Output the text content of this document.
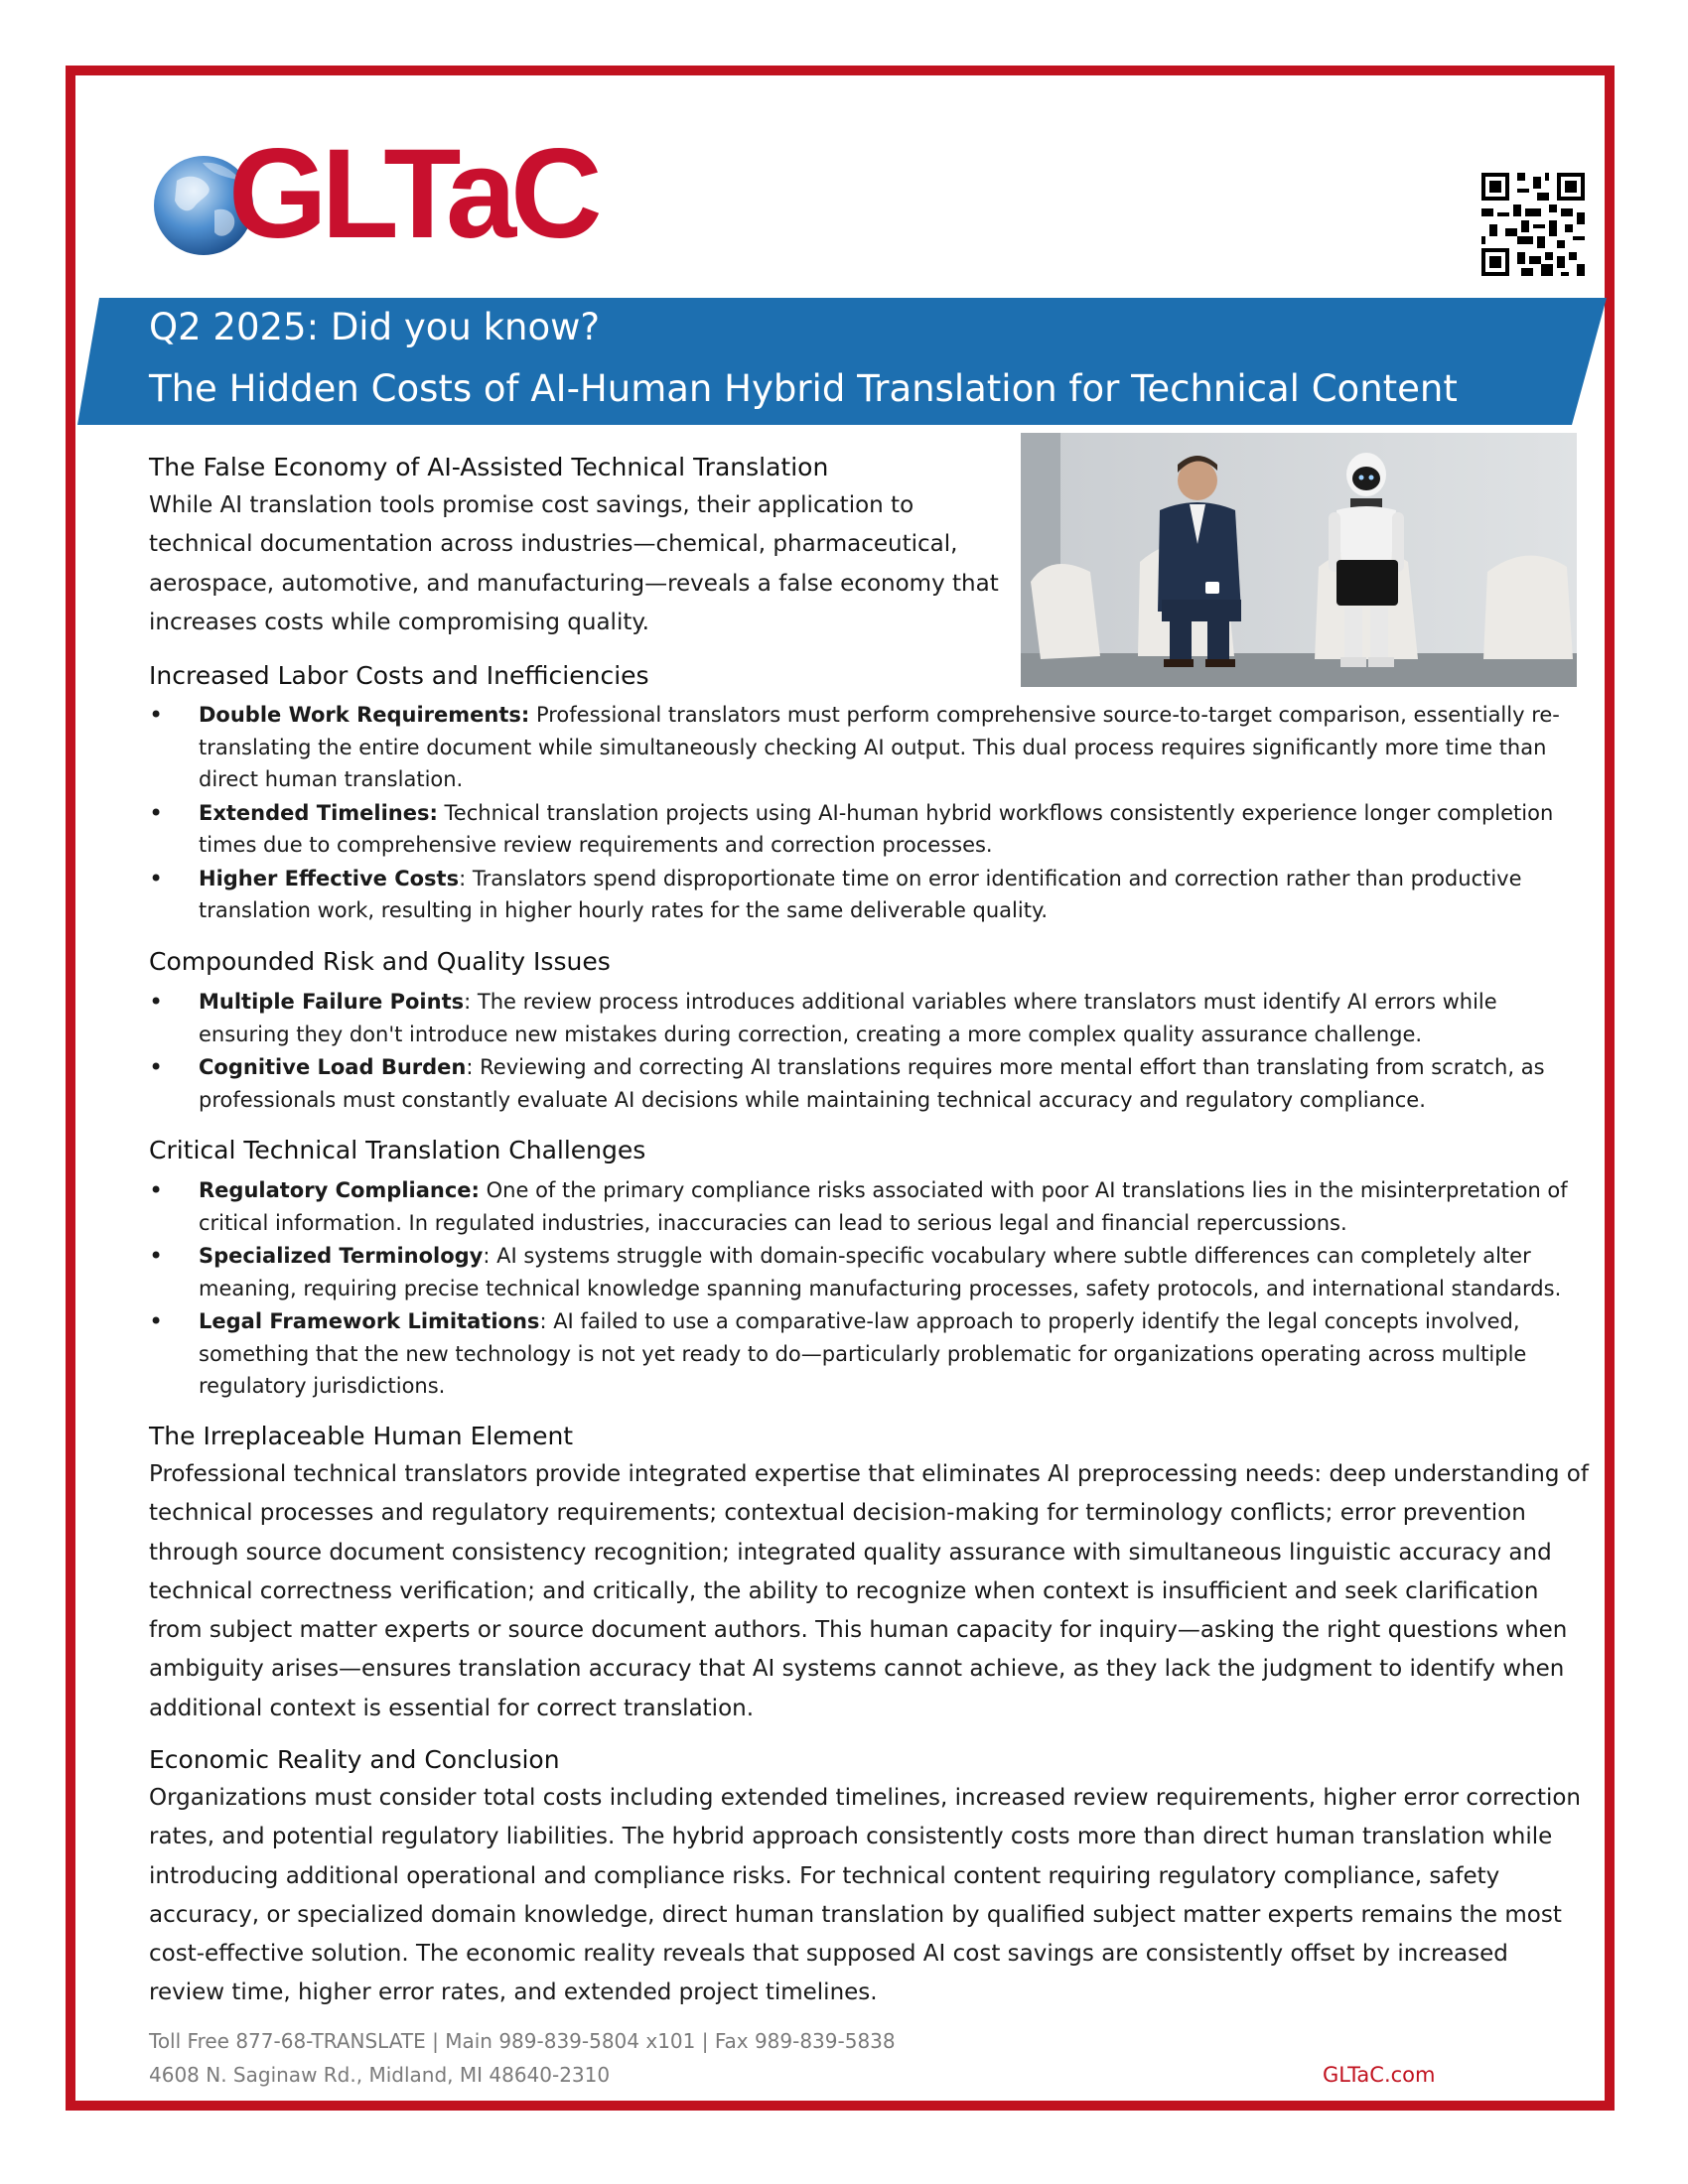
GLTaC
Q2 2025: Did you know?
The Hidden Costs of AI-Human Hybrid Translation for Technical Content
The False Economy of AI-Assisted Technical Translation
While AI translation tools promise cost savings, their application to technical documentation across industries—chemical, pharmaceutical, aerospace, automotive, and manufacturing—reveals a false economy that increases costs while compromising quality.
Increased Labor Costs and Inefficiencies
• Double Work Requirements: Professional translators must perform comprehensive source-to-target comparison, essentially re-translating the entire document while simultaneously checking AI output. This dual process requires significantly more time than direct human translation.
• Extended Timelines: Technical translation projects using AI-human hybrid workflows consistently experience longer completion times due to comprehensive review requirements and correction processes.
• Higher Effective Costs: Translators spend disproportionate time on error identification and correction rather than productive translation work, resulting in higher hourly rates for the same deliverable quality.
Compounded Risk and Quality Issues
• Multiple Failure Points: The review process introduces additional variables where translators must identify AI errors while ensuring they don't introduce new mistakes during correction, creating a more complex quality assurance challenge.
• Cognitive Load Burden: Reviewing and correcting AI translations requires more mental effort than translating from scratch, as professionals must constantly evaluate AI decisions while maintaining technical accuracy and regulatory compliance.
Critical Technical Translation Challenges
• Regulatory Compliance: One of the primary compliance risks associated with poor AI translations lies in the misinterpretation of critical information. In regulated industries, inaccuracies can lead to serious legal and financial repercussions.
• Specialized Terminology: AI systems struggle with domain-specific vocabulary where subtle differences can completely alter meaning, requiring precise technical knowledge spanning manufacturing processes, safety protocols, and international standards.
• Legal Framework Limitations: AI failed to use a comparative-law approach to properly identify the legal concepts involved, something that the new technology is not yet ready to do—particularly problematic for organizations operating across multiple regulatory jurisdictions.
The Irreplaceable Human Element
Professional technical translators provide integrated expertise that eliminates AI preprocessing needs: deep understanding of technical processes and regulatory requirements; contextual decision-making for terminology conflicts; error prevention through source document consistency recognition; integrated quality assurance with simultaneous linguistic accuracy and technical correctness verification; and critically, the ability to recognize when context is insufficient and seek clarification from subject matter experts or source document authors. This human capacity for inquiry—asking the right questions when ambiguity arises—ensures translation accuracy that AI systems cannot achieve, as they lack the judgment to identify when additional context is essential for correct translation.
Economic Reality and Conclusion
Organizations must consider total costs including extended timelines, increased review requirements, higher error correction rates, and potential regulatory liabilities. The hybrid approach consistently costs more than direct human translation while introducing additional operational and compliance risks. For technical content requiring regulatory compliance, safety accuracy, or specialized domain knowledge, direct human translation by qualified subject matter experts remains the most cost-effective solution. The economic reality reveals that supposed AI cost savings are consistently offset by increased review time, higher error rates, and extended project timelines.
Toll Free 877-68-TRANSLATE | Main 989-839-5804 x101 | Fax 989-839-5838
4608 N. Saginaw Rd., Midland, MI 48640-2310	GLTaC.com
